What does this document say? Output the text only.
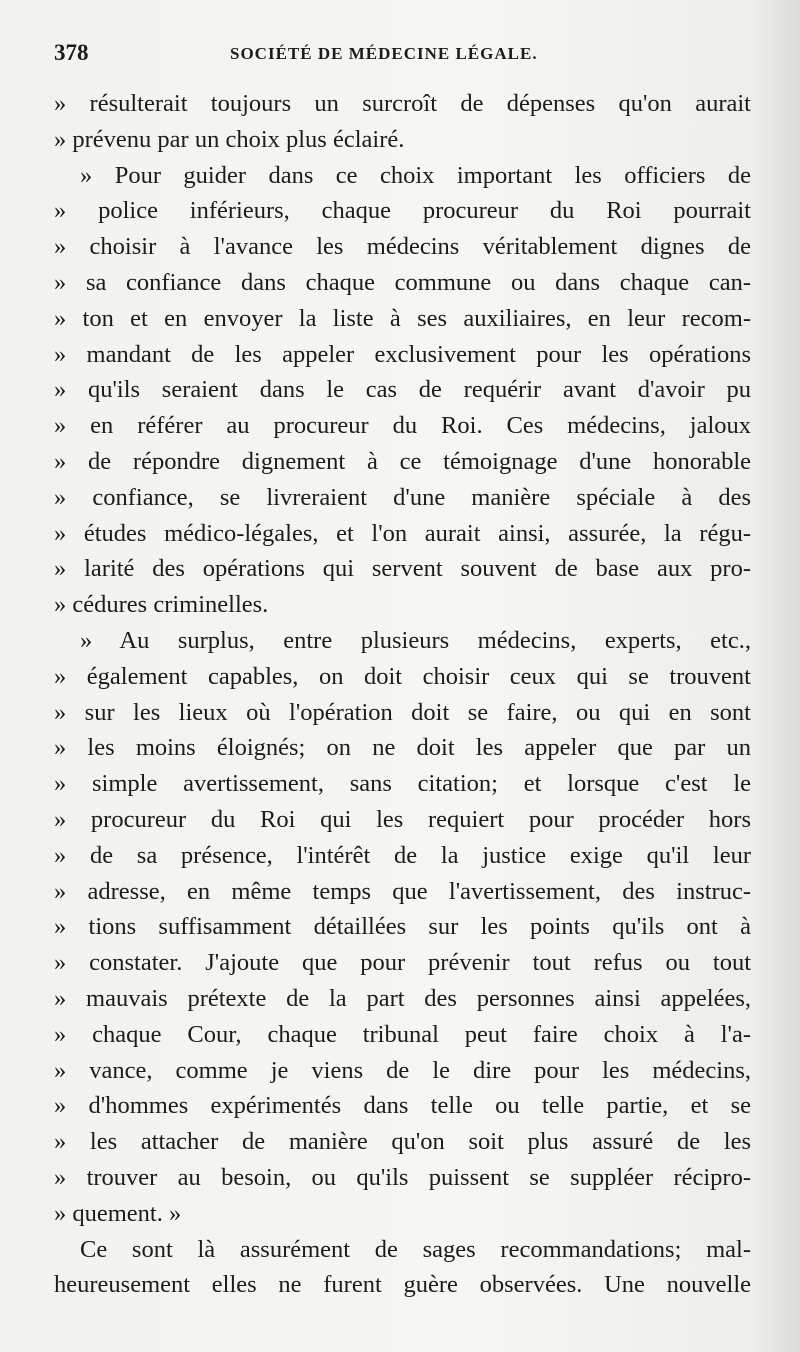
378	SOCIÉTÉ DE MÉDECINE LÉGALE.
» résulterait toujours un surcroît de dépenses qu'on aurait
» prévenu par un choix plus éclairé.
» Pour guider dans ce choix important les officiers de
» police inférieurs, chaque procureur du Roi pourrait
» choisir à l'avance les médecins véritablement dignes de
» sa confiance dans chaque commune ou dans chaque can-
» ton et en envoyer la liste à ses auxiliaires, en leur recom-
» mandant de les appeler exclusivement pour les opérations
» qu'ils seraient dans le cas de requérir avant d'avoir pu
» en référer au procureur du Roi. Ces médecins, jaloux
» de répondre dignement à ce témoignage d'une honorable
» confiance, se livreraient d'une manière spéciale à des
» études médico-légales, et l'on aurait ainsi, assurée, la régu-
» larité des opérations qui servent souvent de base aux pro-
» cédures criminelles.
» Au surplus, entre plusieurs médecins, experts, etc.,
» également capables, on doit choisir ceux qui se trouvent
» sur les lieux où l'opération doit se faire, ou qui en sont
» les moins éloignés; on ne doit les appeler que par un
» simple avertissement, sans citation; et lorsque c'est le
» procureur du Roi qui les requiert pour procéder hors
» de sa présence, l'intérêt de la justice exige qu'il leur
» adresse, en même temps que l'avertissement, des instruc-
» tions suffisamment détaillées sur les points qu'ils ont à
» constater. J'ajoute que pour prévenir tout refus ou tout
» mauvais prétexte de la part des personnes ainsi appelées,
» chaque Cour, chaque tribunal peut faire choix à l'a-
» vance, comme je viens de le dire pour les médecins,
» d'hommes expérimentés dans telle ou telle partie, et se
» les attacher de manière qu'on soit plus assuré de les
» trouver au besoin, ou qu'ils puissent se suppléer récipro-
» quement. »
Ce sont là assurément de sages recommandations; mal-
heureusement elles ne furent guère observées. Une nouvelle
